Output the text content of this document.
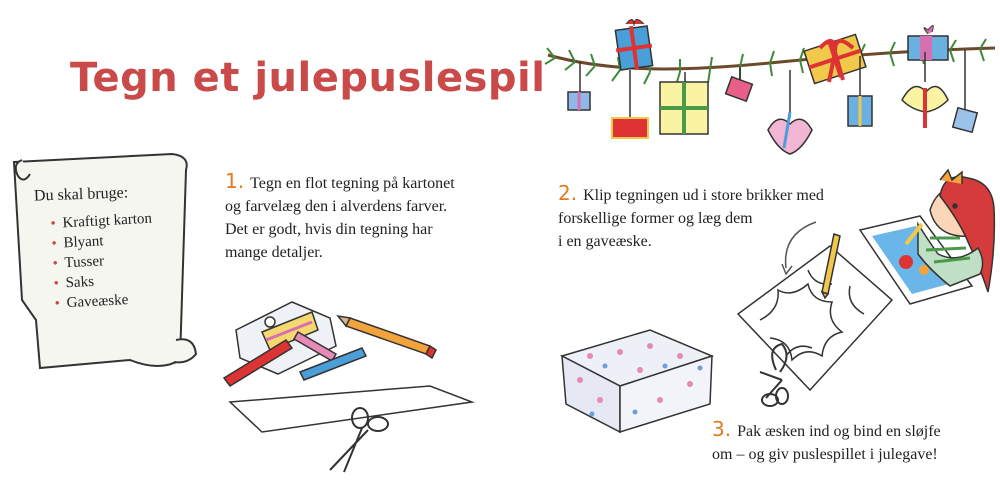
Tegn et julepuslespil
Du skal bruge:
• Kraftigt karton
• Blyant
• Tusser
• Saks
• Gaveæske
1. Tegn en flot tegning på kartonet
og farvelæg den i alverdens farver.
Det er godt, hvis din tegning har
mange detaljer.
2. Klip tegningen ud i store brikker med
forskellige former og læg dem
i en gaveæske.
3. Pak æsken ind og bind en sløjfe
om – og giv puslespillet i julegave!
